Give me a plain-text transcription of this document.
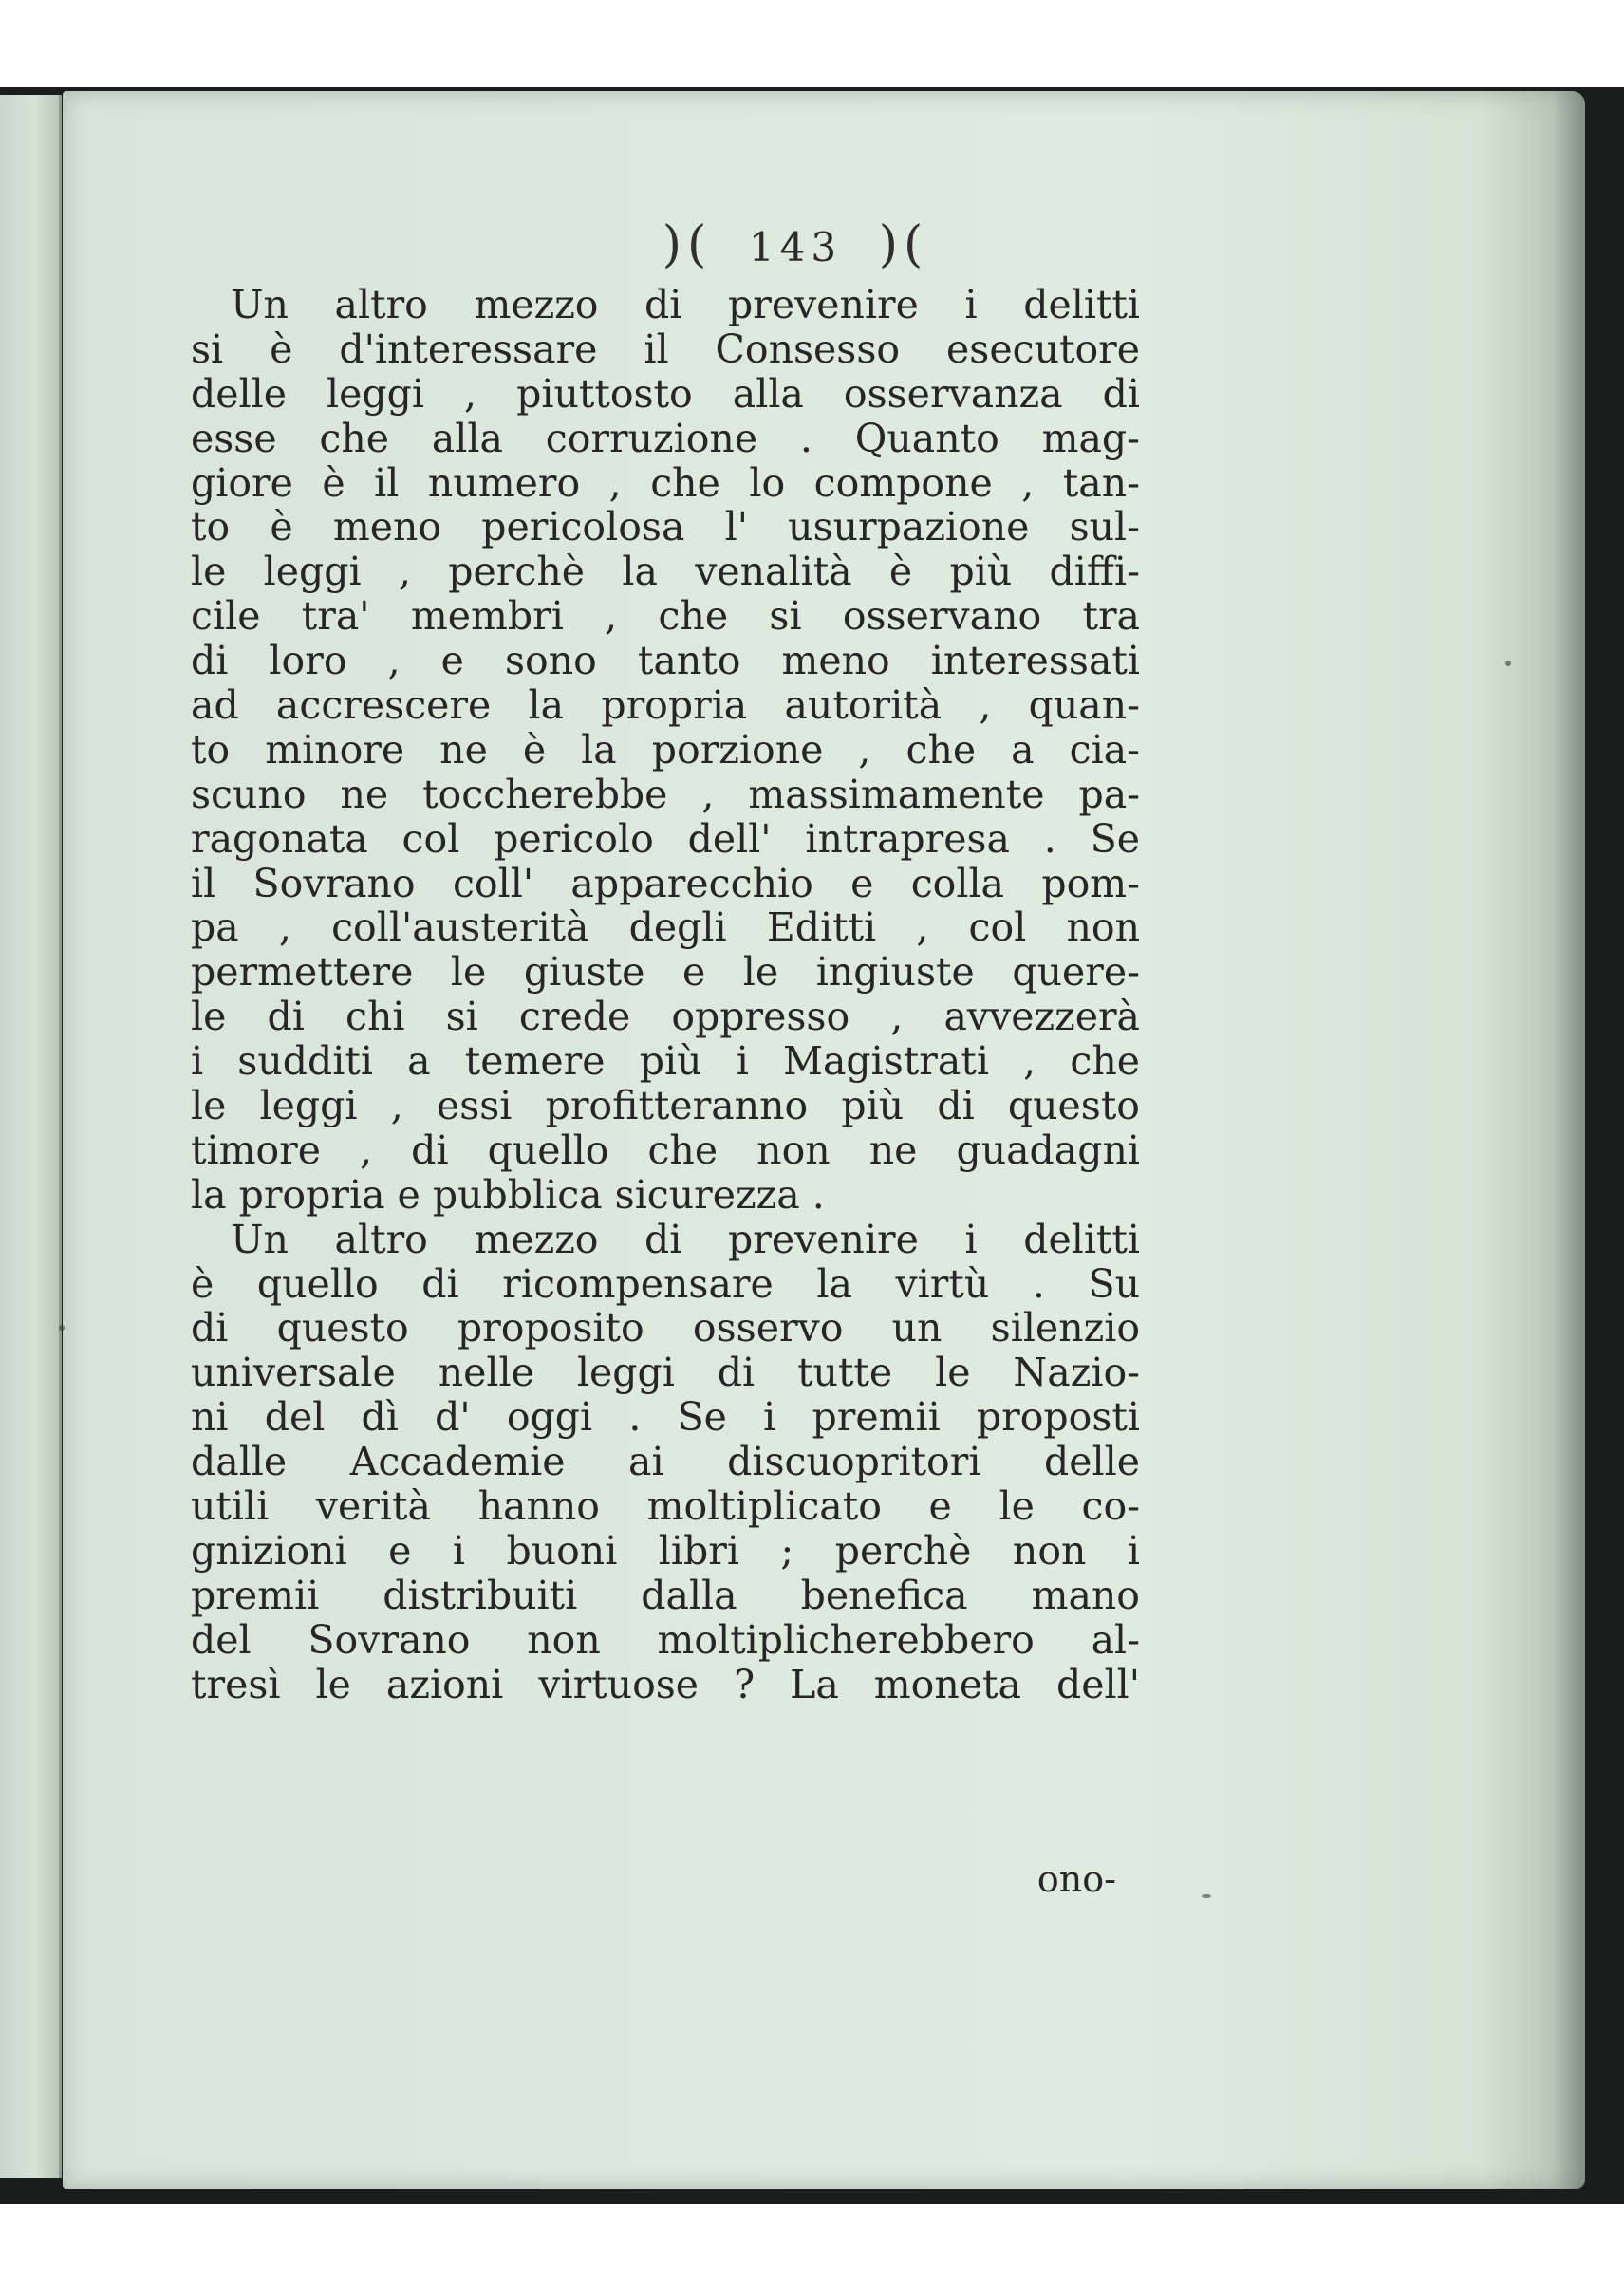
)( 143 )(
Un altro mezzo di prevenire i delitti
si è d'interessare il Consesso esecutore
delle leggi , piuttosto alla osservanza di
esse che alla corruzione . Quanto mag-
giore è il numero , che lo compone , tan-
to è meno pericolosa l' usurpazione sul-
le leggi , perchè la venalità è più diffi-
cile tra' membri , che si osservano tra
di loro , e sono tanto meno interessati
ad accrescere la propria autorità , quan-
to minore ne è la porzione , che a cia-
scuno ne toccherebbe , massimamente pa-
ragonata col pericolo dell' intrapresa . Se
il Sovrano coll' apparecchio e colla pom-
pa , coll'austerità degli Editti , col non
permettere le giuste e le ingiuste quere-
le di chi si crede oppresso , avvezzerà
i sudditi a temere più i Magistrati , che
le leggi , essi profitteranno più di questo
timore , di quello che non ne guadagni
la propria e pubblica sicurezza .
Un altro mezzo di prevenire i delitti
è quello di ricompensare la virtù . Su
di questo proposito osservo un silenzio
universale nelle leggi di tutte le Nazio-
ni del dì d' oggi . Se i premii proposti
dalle Accademie ai discuopritori delle
utili verità hanno moltiplicato e le co-
gnizioni e i buoni libri ; perchè non i
premii distribuiti dalla benefica mano
del Sovrano non moltiplicherebbero al-
tresì le azioni virtuose ? La moneta dell'
ono-
